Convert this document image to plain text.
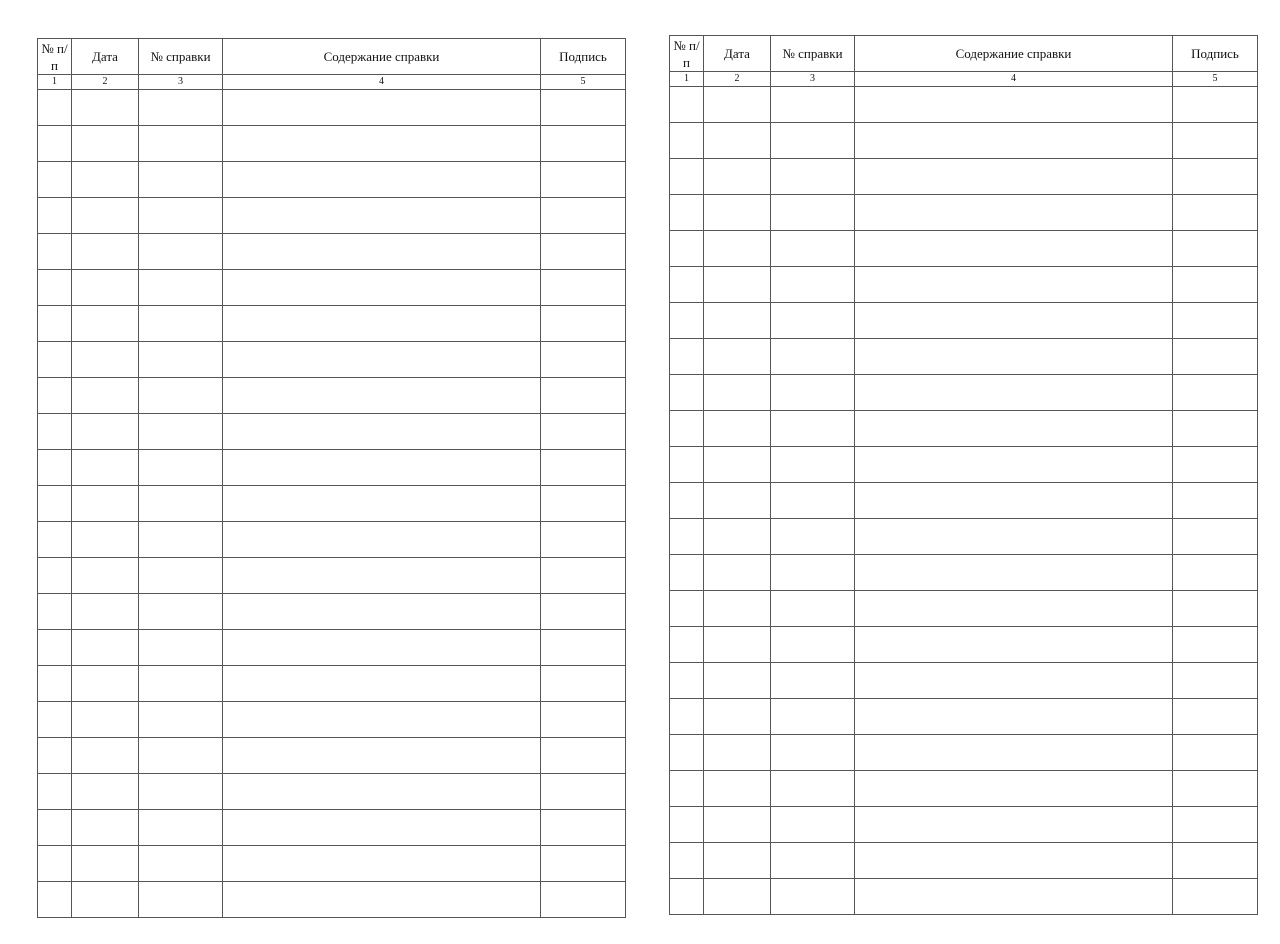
№ п/п	Дата	№ справки	Содержание справки	Подпись
1	2	3	4	5

№ п/п	Дата	№ справки	Содержание справки	Подпись
1	2	3	4	5
